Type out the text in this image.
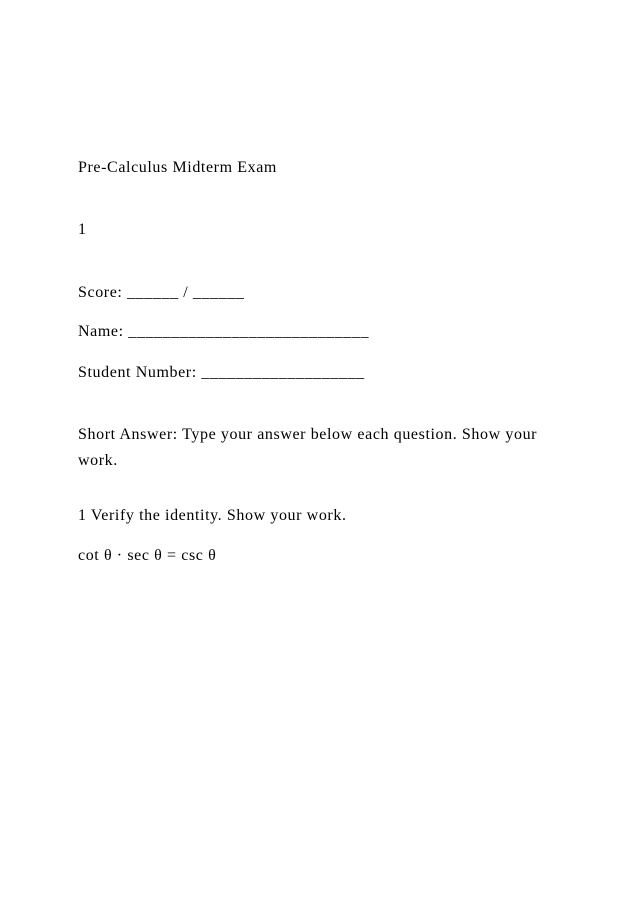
Pre-Calculus Midterm Exam
1
Score: ______ / ______
Name: ____________________________
Student Number: ___________________
Short Answer: Type your answer below each question. Show your work.
1 Verify the identity. Show your work.
cot θ · sec θ = csc θ
